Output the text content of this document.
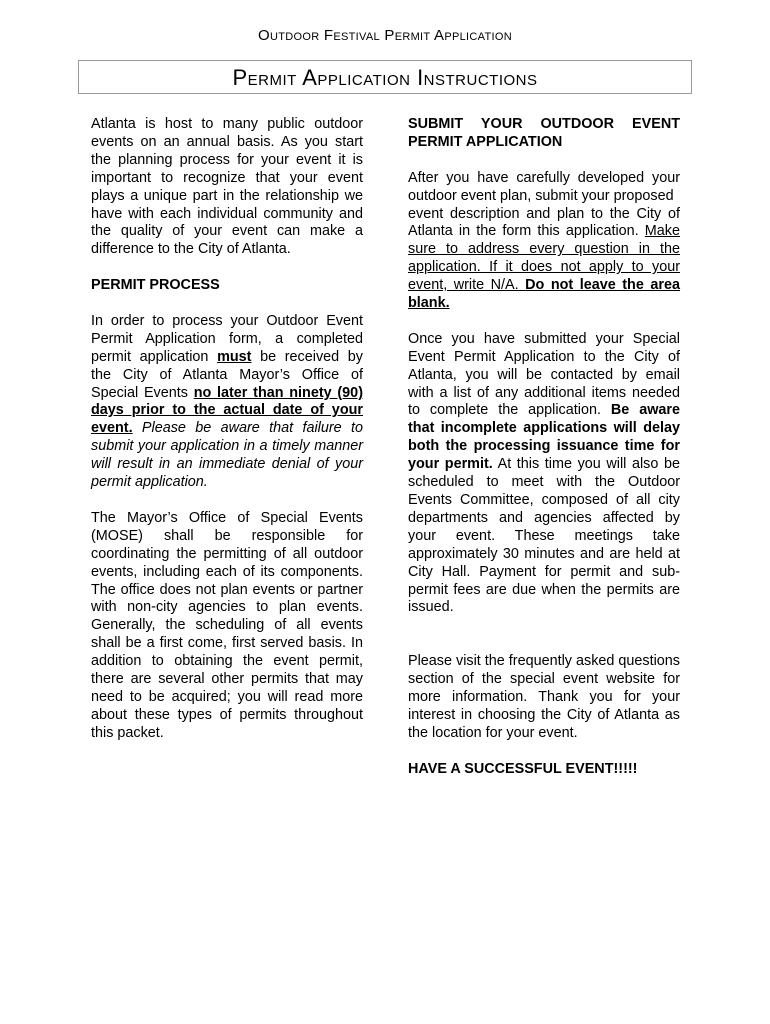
Outdoor Festival Permit Application
Permit Application Instructions

Atlanta is host to many public outdoor events on an annual basis. As you start the planning process for your event it is important to recognize that your event plays a unique part in the relationship we have with each individual community and the quality of your event can make a difference to the City of Atlanta.

PERMIT PROCESS

In order to process your Outdoor Event Permit Application form, a completed permit application must be received by the City of Atlanta Mayor’s Office of Special Events no later than ninety (90) days prior to the actual date of your event. Please be aware that failure to submit your application in a timely manner will result in an immediate denial of your permit application.

The Mayor’s Office of Special Events (MOSE) shall be responsible for coordinating the permitting of all outdoor events, including each of its components. The office does not plan events or partner with non-city agencies to plan events. Generally, the scheduling of all events shall be a first come, first served basis. In addition to obtaining the event permit, there are several other permits that may need to be acquired; you will read more about these types of permits throughout this packet.

SUBMIT YOUR OUTDOOR EVENT PERMIT APPLICATION

After you have carefully developed your outdoor event plan, submit your proposed
event description and plan to the City of Atlanta in the form this application. Make sure to address every question in the application. If it does not apply to your event, write N/A. Do not leave the area blank.

Once you have submitted your Special Event Permit Application to the City of Atlanta, you will be contacted by email with a list of any additional items needed to complete the application. Be aware that incomplete applications will delay both the processing issuance time for your permit. At this time you will also be scheduled to meet with the Outdoor Events Committee, composed of all city departments and agencies affected by your event. These meetings take approximately 30 minutes and are held at City Hall. Payment for permit and sub-permit fees are due when the permits are issued.

Please visit the frequently asked questions section of the special event website for more information. Thank you for your interest in choosing the City of Atlanta as the location for your event.

HAVE A SUCCESSFUL EVENT!!!!!
